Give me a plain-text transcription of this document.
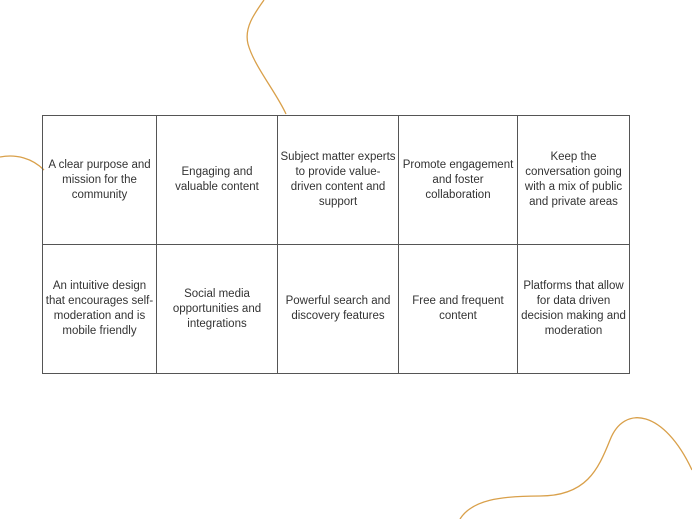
A clear purpose and mission for the community	Engaging and valuable content	Subject matter experts to provide value-driven content and support	Promote engagement and foster collaboration	Keep the conversation going with a mix of public and private areas

An intuitive design that encourages self-moderation and is mobile friendly	Social media opportunities and integrations	Powerful search and discovery features	Free and frequent content	Platforms that allow for data driven decision making and moderation
